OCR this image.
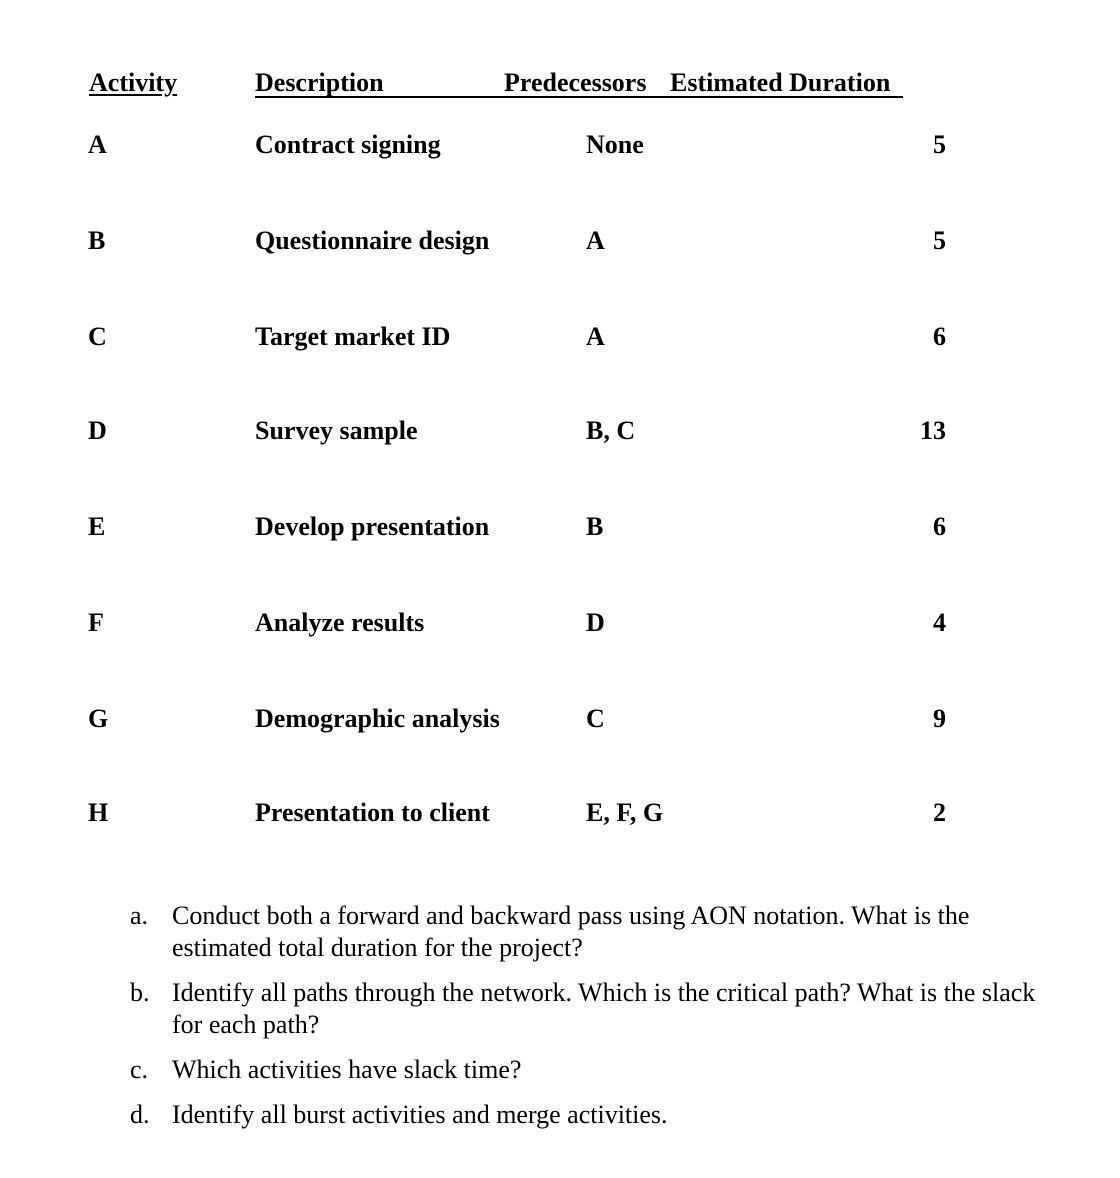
Activity	Description	Predecessors Estimated Duration
A	Contract signing	None	5
B	Questionnaire design	A	5
C	Target market ID	A	6
D	Survey sample	B, C	13
E	Develop presentation	B	6
F	Analyze results	D	4
G	Demographic analysis	C	9
H	Presentation to client	E, F, G	2
a. Conduct both a forward and backward pass using AON notation. What is the estimated total duration for the project?
b. Identify all paths through the network. Which is the critical path? What is the slack for each path?
c. Which activities have slack time?
d. Identify all burst activities and merge activities.
